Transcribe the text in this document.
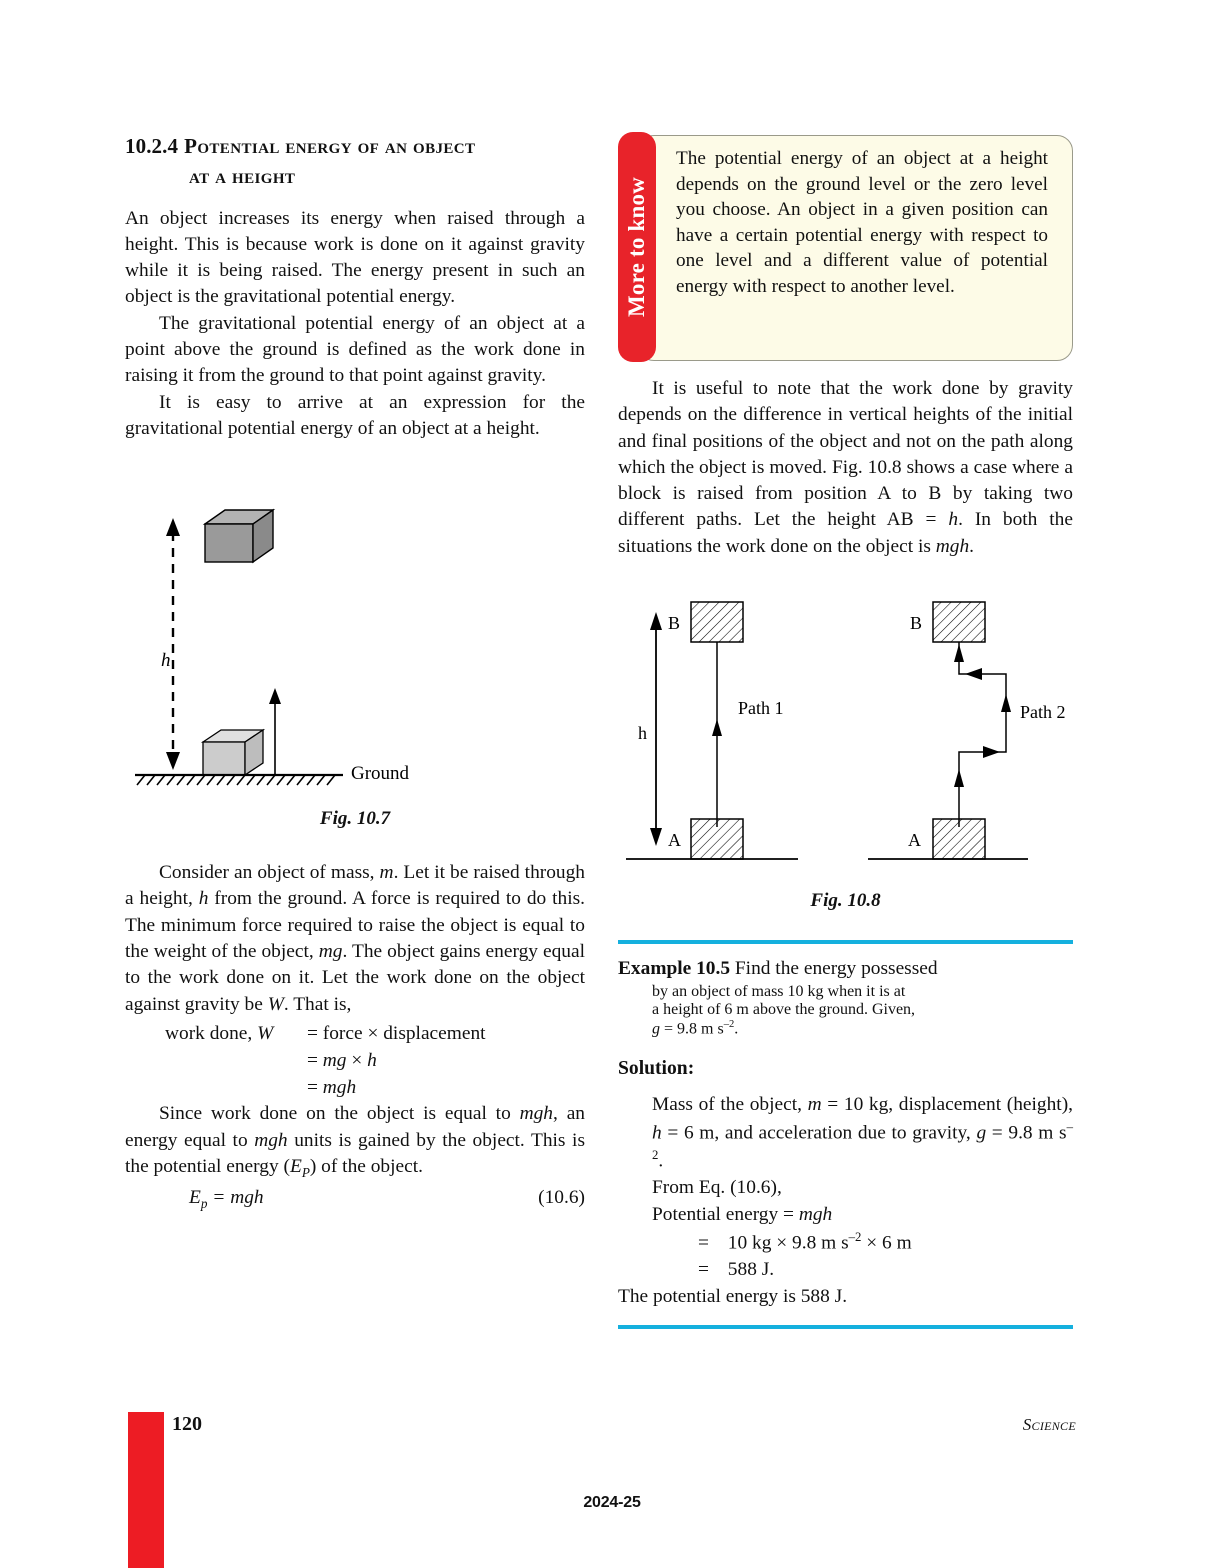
10.2.4 Potential energy of an object
at a height

An object increases its energy when raised through a height. This is because work is done on it against gravity while it is being raised. The energy present in such an object is the gravitational potential energy.

The gravitational potential energy of an object at a point above the ground is defined as the work done in raising it from the ground to that point against gravity.

It is easy to arrive at an expression for the gravitational potential energy of an object at a height.

h
Ground
Fig. 10.7

Consider an object of mass, m. Let it be raised through a height, h from the ground. A force is required to do this. The minimum force required to raise the object is equal to the weight of the object, mg. The object gains energy equal to the work done on it. Let the work done on the object against gravity be W. That is,

work done, W	= force × displacement
= mg × h
= mgh

Since work done on the object is equal to mgh, an energy equal to mgh units is gained by the object. This is the potential energy $(E_P)$ of the object.

$E_p$ = mgh	(10.6)
More to know
The potential energy of an object at a height depends on the ground level or the zero level you choose. An object in a given position can have a certain potential energy with respect to one level and a different value of potential energy with respect to another level.

It is useful to note that the work done by gravity depends on the difference in vertical heights of the initial and final positions of the object and not on the path along which the object is moved. Fig. 10.8 shows a case where a block is raised from position A to B by taking two different paths. Let the height AB = h. In both the situations the work done on the object is mgh.

h
B
Path 1
A
B
Path 2
A
Fig. 10.8

Example 10.5 Find the energy possessed

by an object of mass 10 kg when it is at
a height of 6 m above the ground. Given,
g = 9.8 m $s^{-2}$.

Solution:

Mass of the object, m = 10 kg, displacement (height), h = 6 m, and acceleration due to gravity, g = 9.8 m $s^{-2}$.
From Eq. (10.6),
Potential energy = mgh
= 10 kg × 9.8 m $s^{-2} \times 6$ m
= 588 J.
The potential energy is 588 J.
120	Science
2024-25
